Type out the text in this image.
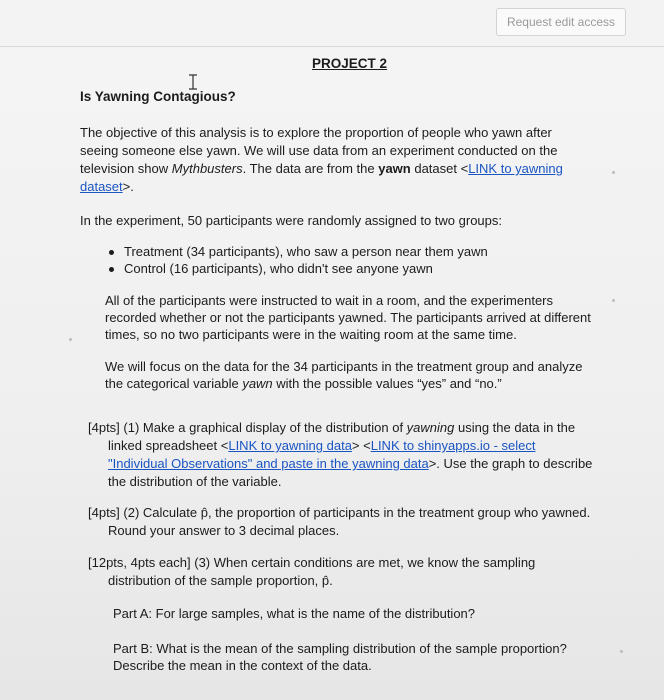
Request edit access
PROJECT 2
Is Yawning Contagious?
The objective of this analysis is to explore the proportion of people who yawn after
seeing someone else yawn. We will use data from an experiment conducted on the
television show Mythbusters. The data are from the yawn dataset <LINK to yawning
dataset>.
In the experiment, 50 participants were randomly assigned to two groups:
Treatment (34 participants), who saw a person near them yawn
Control (16 participants), who didn't see anyone yawn
All of the participants were instructed to wait in a room, and the experimenters
recorded whether or not the participants yawned. The participants arrived at different
times, so no two participants were in the waiting room at the same time.
We will focus on the data for the 34 participants in the treatment group and analyze
the categorical variable yawn with the possible values “yes” and “no.”
[4pts] (1) Make a graphical display of the distribution of yawning using the data in the
linked spreadsheet <LINK to yawning data> <LINK to shinyapps.io - select
"Individual Observations" and paste in the yawning data>. Use the graph to describe
the distribution of the variable.
[4pts] (2) Calculate p̂, the proportion of participants in the treatment group who yawned.
Round your answer to 3 decimal places.
[12pts, 4pts each] (3) When certain conditions are met, we know the sampling
distribution of the sample proportion, p̂.
Part A: For large samples, what is the name of the distribution?
Part B: What is the mean of the sampling distribution of the sample proportion?
Describe the mean in the context of the data.
